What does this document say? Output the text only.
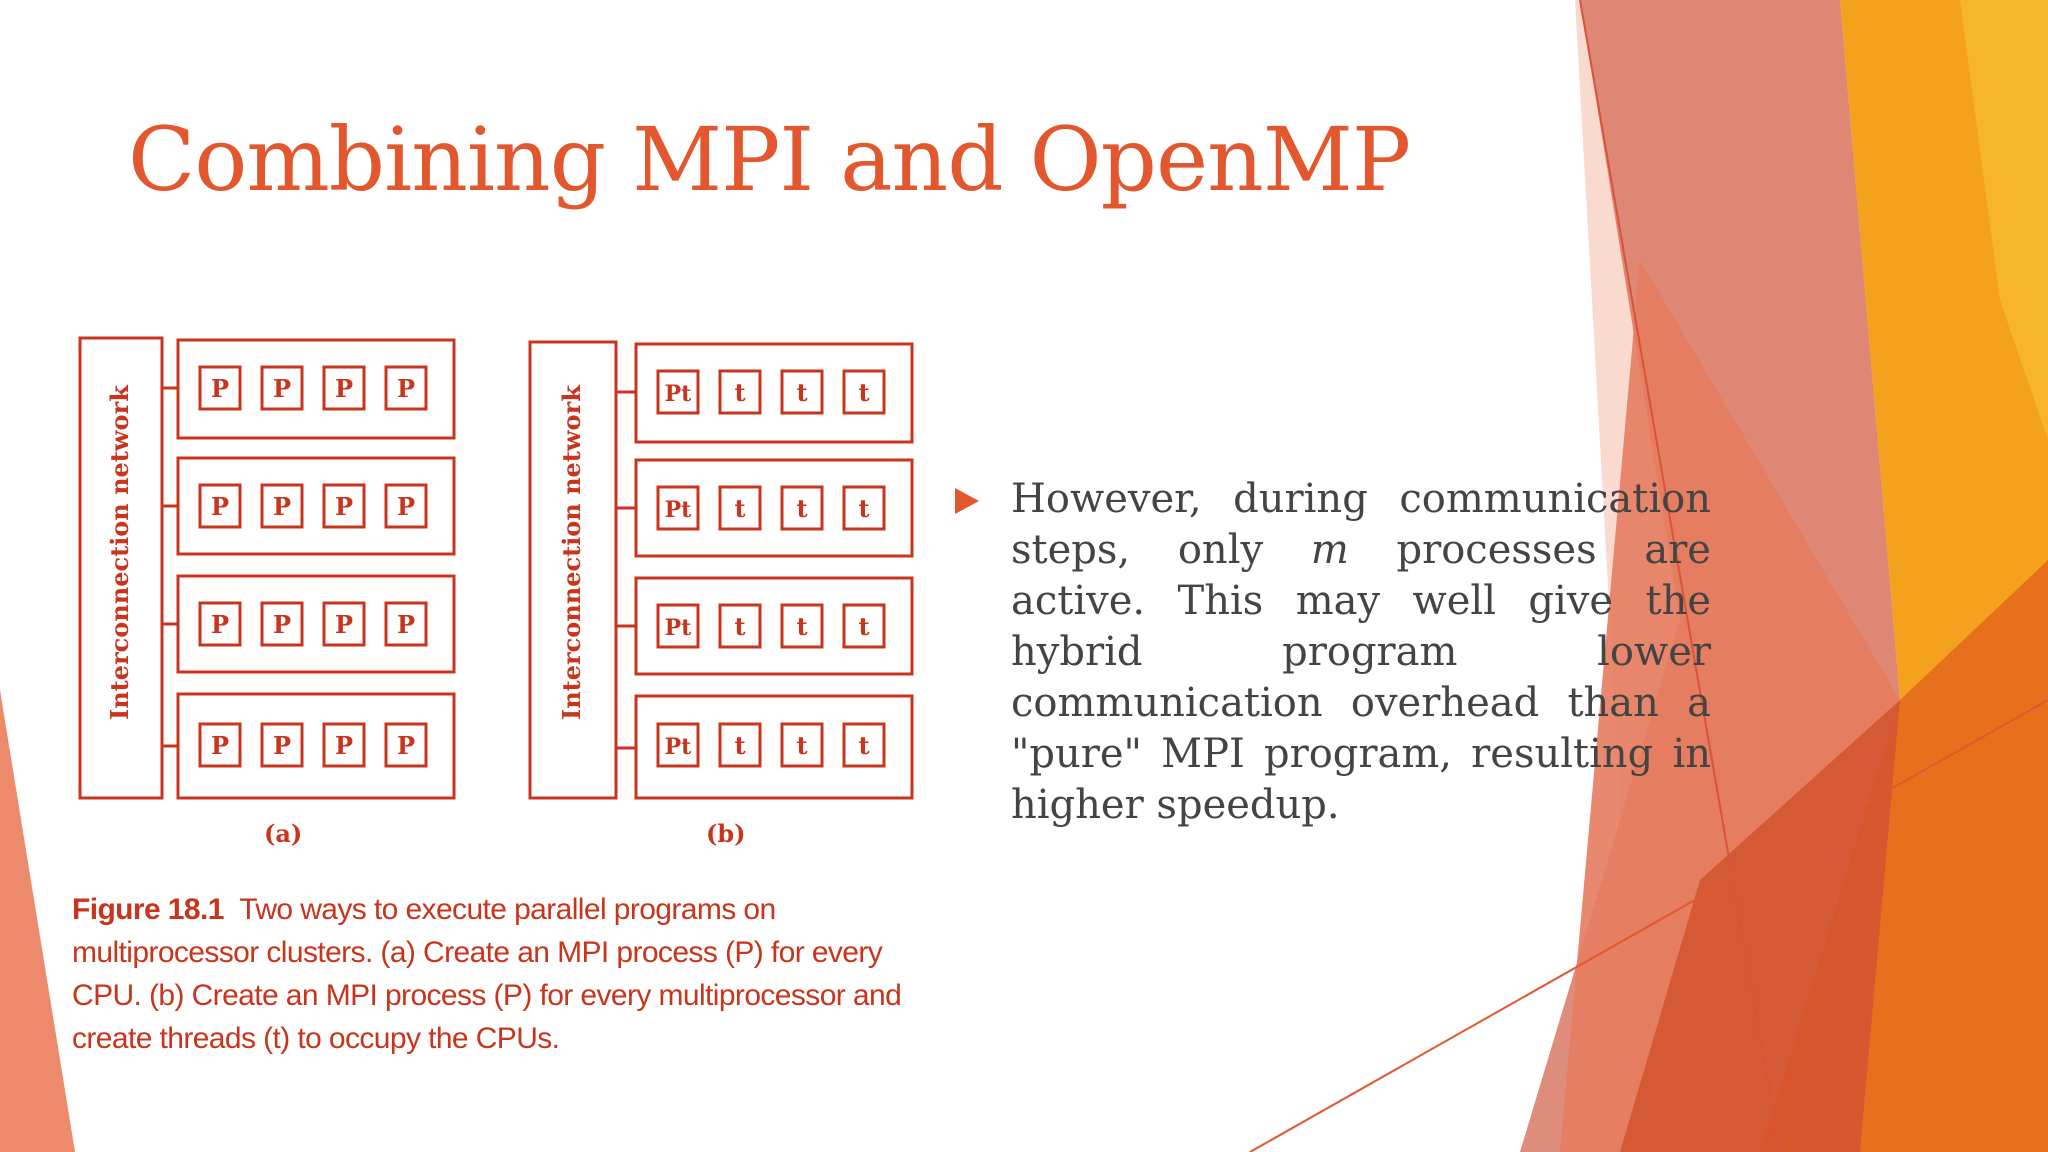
Combining MPI and OpenMP
Interconnection network	Interconnection network
P P P P
P P P P
P P P P
P P P P
Pt t t t
Pt t t t
Pt t t t
Pt t t t
(a)	(b)
Figure 18.1 Two ways to execute parallel programs on multiprocessor clusters. (a) Create an MPI process (P) for every CPU. (b) Create an MPI process (P) for every multiprocessor and create threads (t) to occupy the CPUs.
However, during communication steps, only m processes are active. This may well give the hybrid program lower communication overhead than a "pure" MPI program, resulting in higher speedup.
